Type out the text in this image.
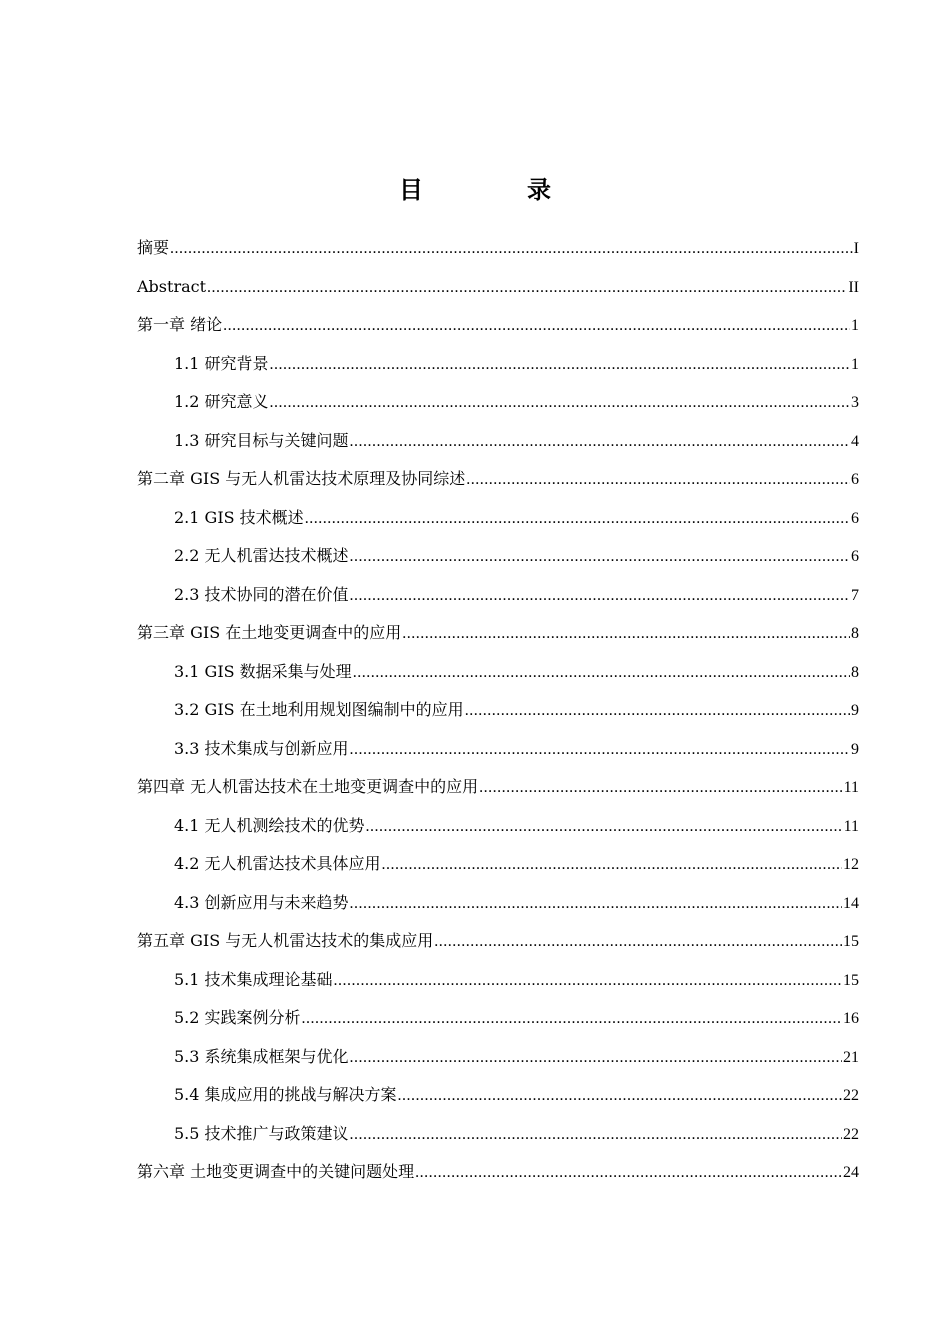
目　录
摘要 .....	I
Abstract .....	II
第一章 绪论 .....	1
1.1 研究背景 .....	1
1.2 研究意义 .....	3
1.3 研究目标与关键问题 .....	4
第二章 GIS 与无人机雷达技术原理及协同综述 .....	6
2.1 GIS 技术概述 .....	6
2.2 无人机雷达技术概述 .....	6
2.3 技术协同的潜在价值 .....	7
第三章 GIS 在土地变更调查中的应用 .....	8
3.1 GIS 数据采集与处理 .....	8
3.2 GIS 在土地利用规划图编制中的应用 .....	9
3.3 技术集成与创新应用 .....	9
第四章 无人机雷达技术在土地变更调查中的应用 .....	11
4.1 无人机测绘技术的优势 .....	11
4.2 无人机雷达技术具体应用 .....	12
4.3 创新应用与未来趋势 .....	14
第五章 GIS 与无人机雷达技术的集成应用 .....	15
5.1 技术集成理论基础 .....	15
5.2 实践案例分析 .....	16
5.3 系统集成框架与优化 .....	21
5.4 集成应用的挑战与解决方案 .....	22
5.5 技术推广与政策建议 .....	22
第六章 土地变更调查中的关键问题处理 .....	24
